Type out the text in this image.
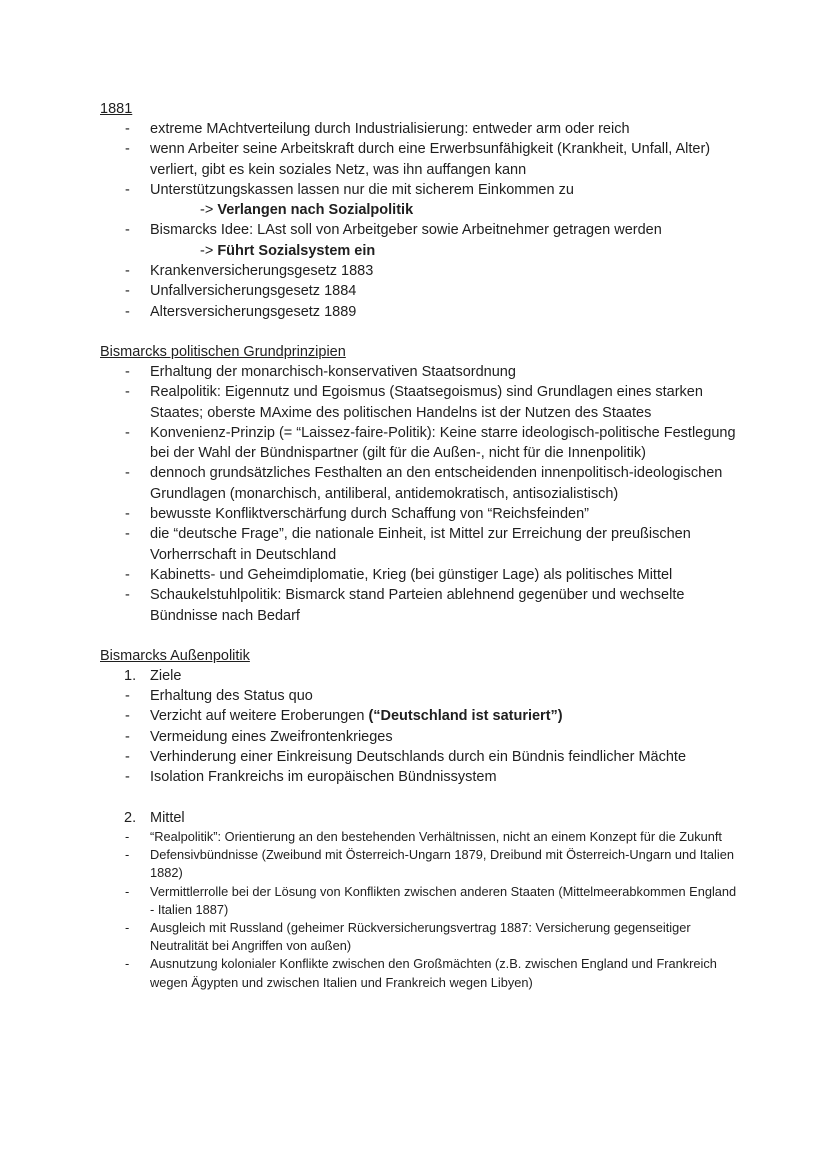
1881

- extreme MAchtverteilung durch Industrialisierung: entweder arm oder reich
- wenn Arbeiter seine Arbeitskraft durch eine Erwerbsunfähigkeit (Krankheit, Unfall, Alter) verliert, gibt es kein soziales Netz, was ihn auffangen kann
- Unterstützungskassen lassen nur die mit sicherem Einkommen zu
-> Verlangen nach Sozialpolitik
- Bismarcks Idee: LAst soll von Arbeitgeber sowie Arbeitnehmer getragen werden
-> Führt Sozialsystem ein
- Krankenversicherungsgesetz 1883
- Unfallversicherungsgesetz 1884
- Altersversicherungsgesetz 1889

Bismarcks politischen Grundprinzipien

- Erhaltung der monarchisch-konservativen Staatsordnung
- Realpolitik: Eigennutz und Egoismus (Staatsegoismus) sind Grundlagen eines starken Staates; oberste MAxime des politischen Handelns ist der Nutzen des Staates
- Konvenienz-Prinzip (= “Laissez-faire-Politik): Keine starre ideologisch-politische Festlegung bei der Wahl der Bündnispartner (gilt für die Außen-, nicht für die Innenpolitik)
- dennoch grundsätzliches Festhalten an den entscheidenden innenpolitisch-ideologischen Grundlagen (monarchisch, antiliberal, antidemokratisch, antisozialistisch)
- bewusste Konfliktverschärfung durch Schaffung von “Reichsfeinden”
- die “deutsche Frage”, die nationale Einheit, ist Mittel zur Erreichung der preußischen Vorherrschaft in Deutschland
- Kabinetts- und Geheimdiplomatie, Krieg (bei günstiger Lage) als politisches Mittel
- Schaukelstuhlpolitik: Bismarck stand Parteien ablehnend gegenüber und wechselte Bündnisse nach Bedarf

Bismarcks Außenpolitik

1. Ziele
- Erhaltung des Status quo
- Verzicht auf weitere Eroberungen (“Deutschland ist saturiert”)
- Vermeidung eines Zweifrontenkrieges
- Verhinderung einer Einkreisung Deutschlands durch ein Bündnis feindlicher Mächte
- Isolation Frankreichs im europäischen Bündnissystem
2. Mittel
- “Realpolitik”: Orientierung an den bestehenden Verhältnissen, nicht an einem Konzept für die Zukunft
- Defensivbündnisse (Zweibund mit Österreich-Ungarn 1879, Dreibund mit Österreich-Ungarn und Italien 1882)
- Vermittlerrolle bei der Lösung von Konflikten zwischen anderen Staaten (Mittelmeerabkommen England - Italien 1887)
- Ausgleich mit Russland (geheimer Rückversicherungsvertrag 1887: Versicherung gegenseitiger Neutralität bei Angriffen von außen)
- Ausnutzung kolonialer Konflikte zwischen den Großmächten (z.B. zwischen England und Frankreich wegen Ägypten und zwischen Italien und Frankreich wegen Libyen)
